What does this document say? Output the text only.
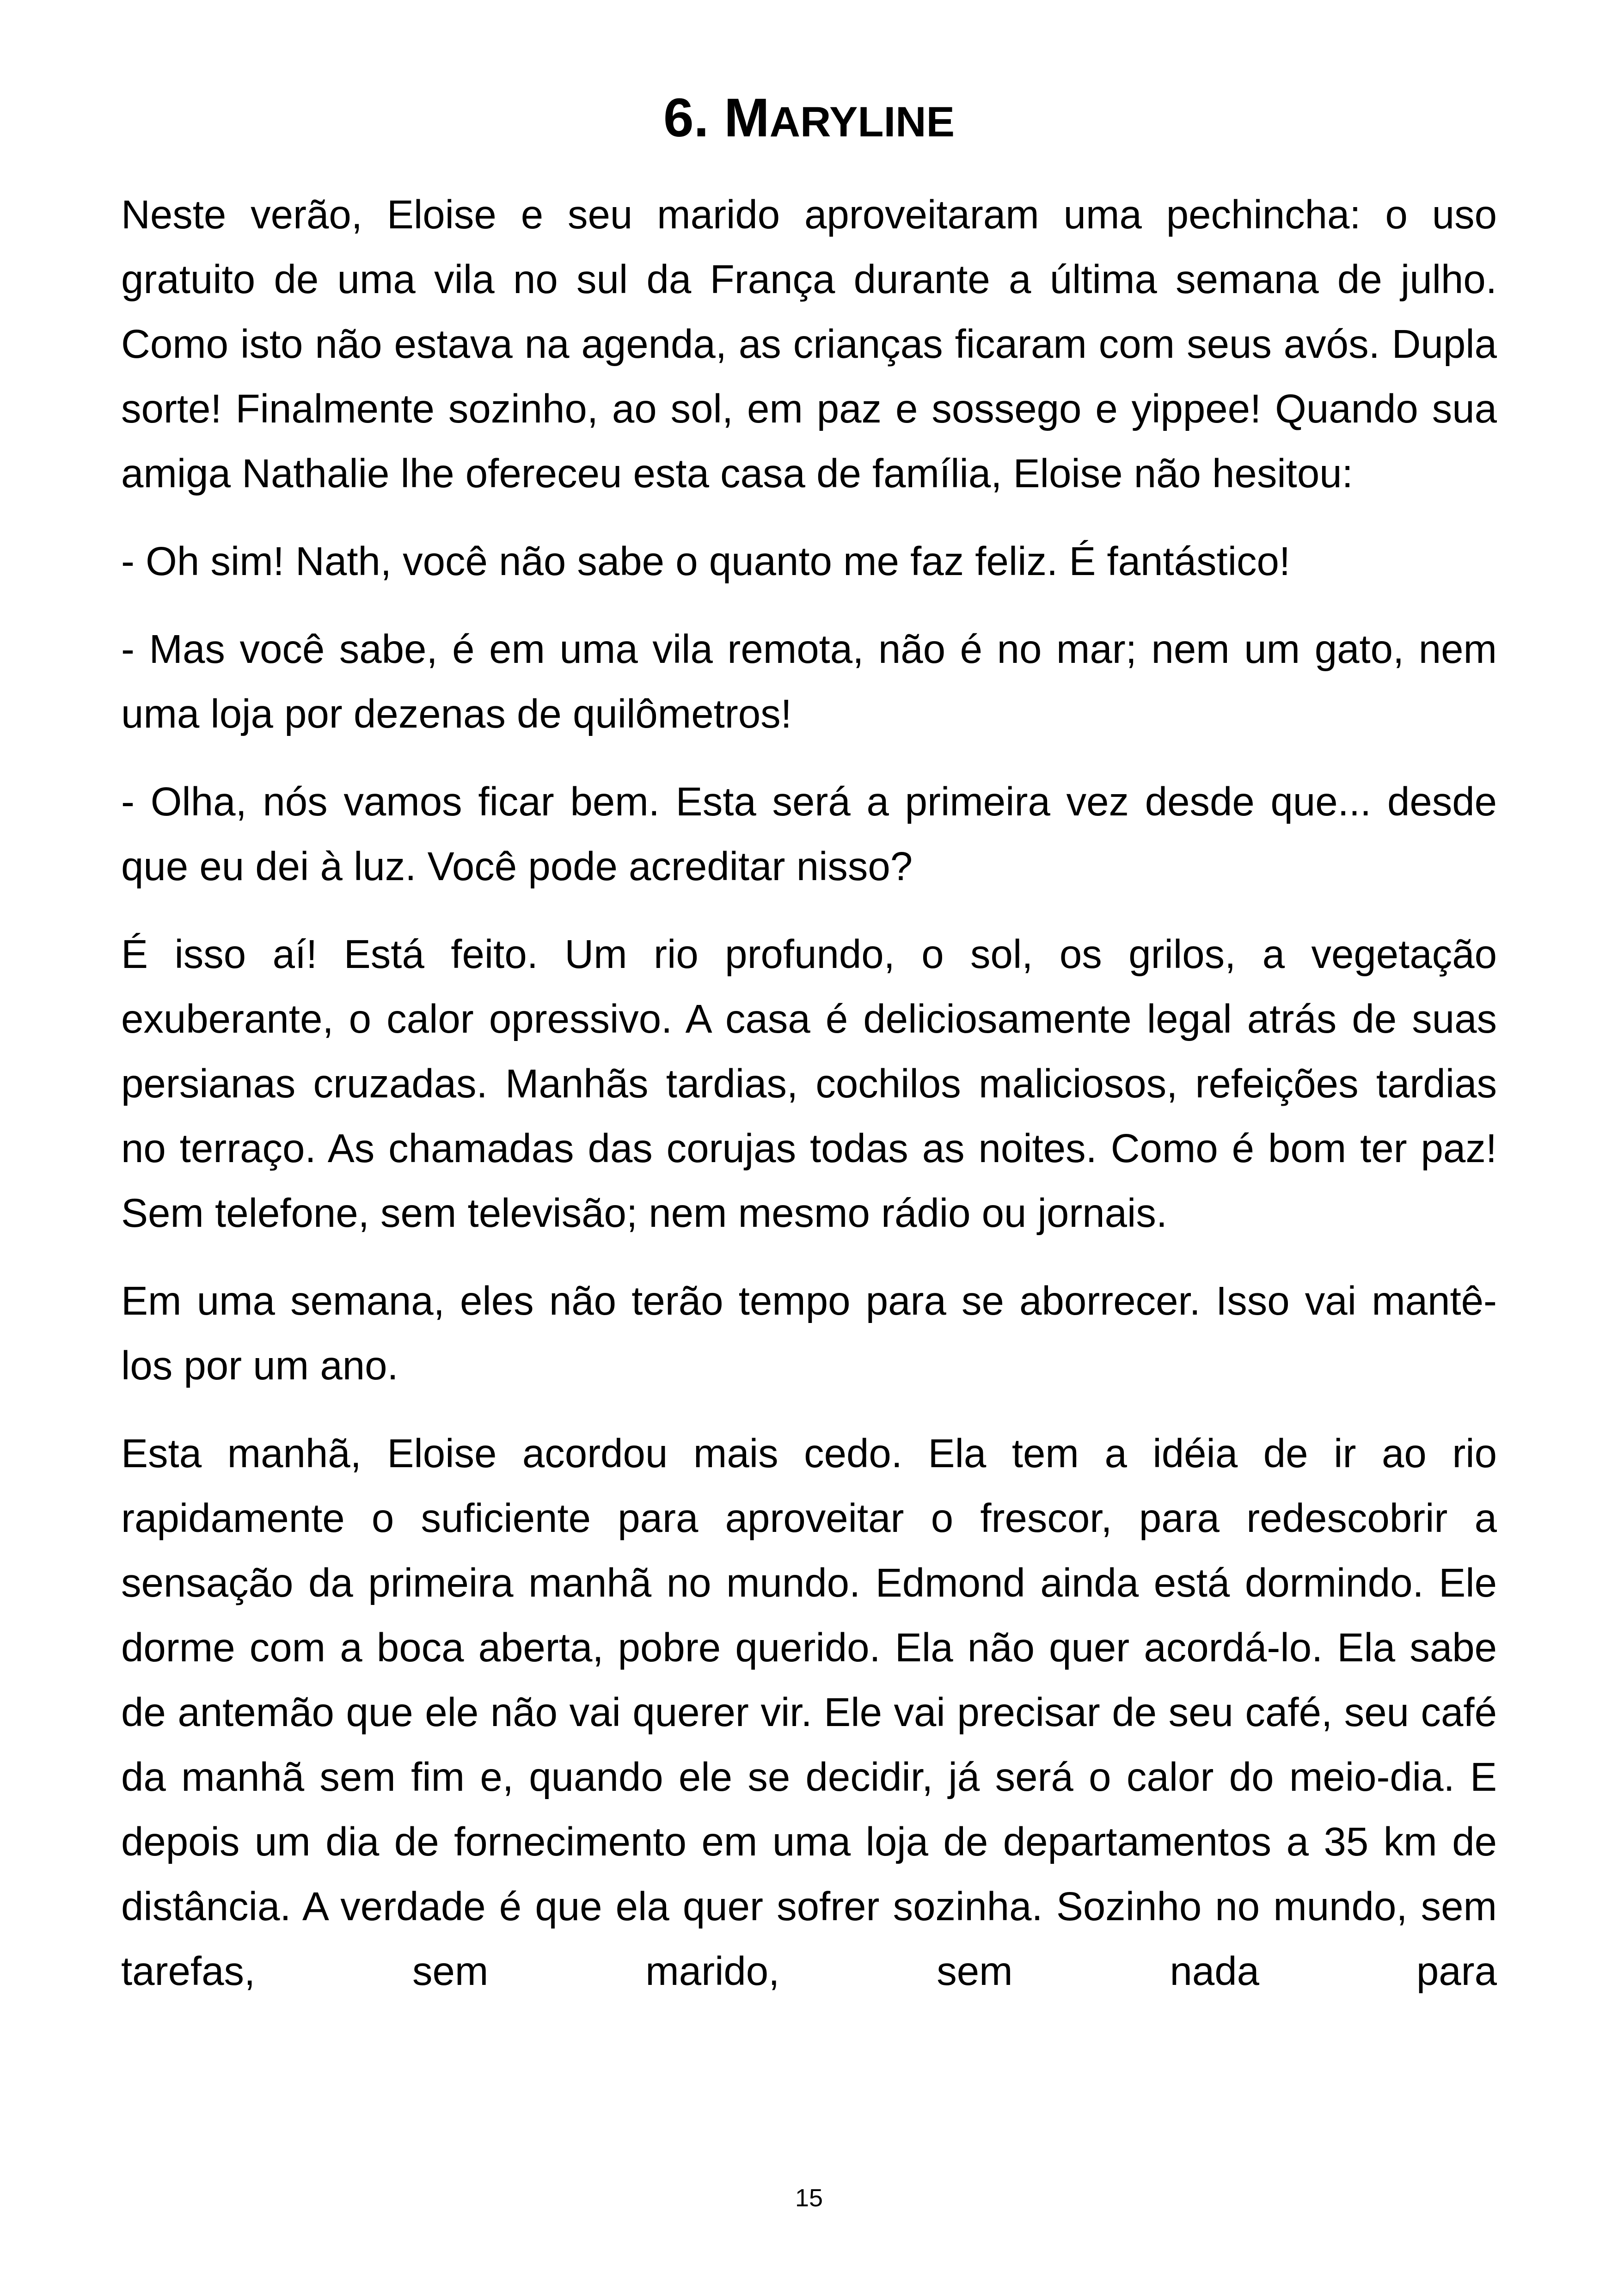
6. MARYLINE

Neste verão, Eloise e seu marido aproveitaram uma pechincha: o uso gratuito de uma vila no sul da França durante a última semana de julho. Como isto não estava na agenda, as crianças ficaram com seus avós. Dupla sorte! Finalmente sozinho, ao sol, em paz e sossego e yippee! Quando sua amiga Nathalie lhe ofereceu esta casa de família, Eloise não hesitou:

- Oh sim! Nath, você não sabe o quanto me faz feliz. É fantástico!

- Mas você sabe, é em uma vila remota, não é no mar; nem um gato, nem uma loja por dezenas de quilômetros!

- Olha, nós vamos ficar bem. Esta será a primeira vez desde que... desde que eu dei à luz. Você pode acreditar nisso?

É isso aí! Está feito. Um rio profundo, o sol, os grilos, a vegetação exuberante, o calor opressivo. A casa é deliciosamente legal atrás de suas persianas cruzadas. Manhãs tardias, cochilos maliciosos, refeições tardias no terraço. As chamadas das corujas todas as noites. Como é bom ter paz! Sem telefone, sem televisão; nem mesmo rádio ou jornais.

Em uma semana, eles não terão tempo para se aborrecer. Isso vai mantê-los por um ano.

Esta manhã, Eloise acordou mais cedo. Ela tem a idéia de ir ao rio rapidamente o suficiente para aproveitar o frescor, para redescobrir a sensação da primeira manhã no mundo. Edmond ainda está dormindo. Ele dorme com a boca aberta, pobre querido. Ela não quer acordá-lo. Ela sabe de antemão que ele não vai querer vir. Ele vai precisar de seu café, seu café da manhã sem fim e, quando ele se decidir, já será o calor do meio-dia. E depois um dia de fornecimento em uma loja de departamentos a 35 km de distância. A verdade é que ela quer sofrer sozinha. Sozinho no mundo, sem tarefas, sem marido, sem nada para

15
